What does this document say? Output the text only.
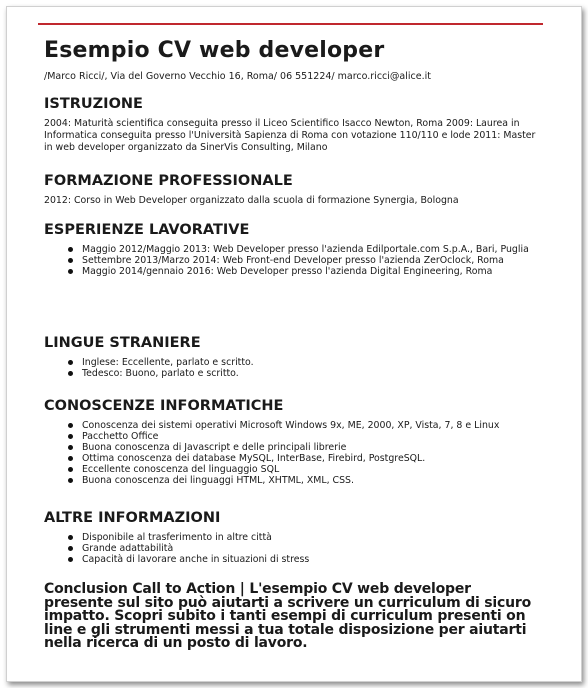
Esempio CV web developer
/Marco Ricci/, Via del Governo Vecchio 16, Roma/ 06 551224/ marco.ricci@alice.it
ISTRUZIONE
2004: Maturità scientifica conseguita presso il Liceo Scientifico Isacco Newton, Roma 2009: Laurea in Informatica conseguita presso l'Università Sapienza di Roma con votazione 110/110 e lode 2011: Master in web developer organizzato da SinerVis Consulting, Milano
FORMAZIONE PROFESSIONALE
2012: Corso in Web Developer organizzato dalla scuola di formazione Synergia, Bologna
ESPERIENZE LAVORATIVE
Maggio 2012/Maggio 2013: Web Developer presso l'azienda Edilportale.com S.p.A., Bari, Puglia
Settembre 2013/Marzo 2014: Web Front-end Developer presso l'azienda ZerOclock, Roma
Maggio 2014/gennaio 2016: Web Developer presso l'azienda Digital Engineering, Roma
LINGUE STRANIERE
Inglese: Eccellente, parlato e scritto.
Tedesco: Buono, parlato e scritto.
CONOSCENZE INFORMATICHE
Conoscenza dei sistemi operativi Microsoft Windows 9x, ME, 2000, XP, Vista, 7, 8 e Linux
Pacchetto Office
Buona conoscenza di Javascript e delle principali librerie
Ottima conoscenza dei database MySQL, InterBase, Firebird, PostgreSQL.
Eccellente conoscenza del linguaggio SQL
Buona conoscenza dei linguaggi HTML, XHTML, XML, CSS.
ALTRE INFORMAZIONI
Disponibile al trasferimento in altre città
Grande adattabilità
Capacità di lavorare anche in situazioni di stress
Conclusion Call to Action | L'esempio CV web developer presente sul sito può aiutarti a scrivere un curriculum di sicuro impatto. Scopri subito i tanti esempi di curriculum presenti on line e gli strumenti messi a tua totale disposizione per aiutarti nella ricerca di un posto di lavoro.
